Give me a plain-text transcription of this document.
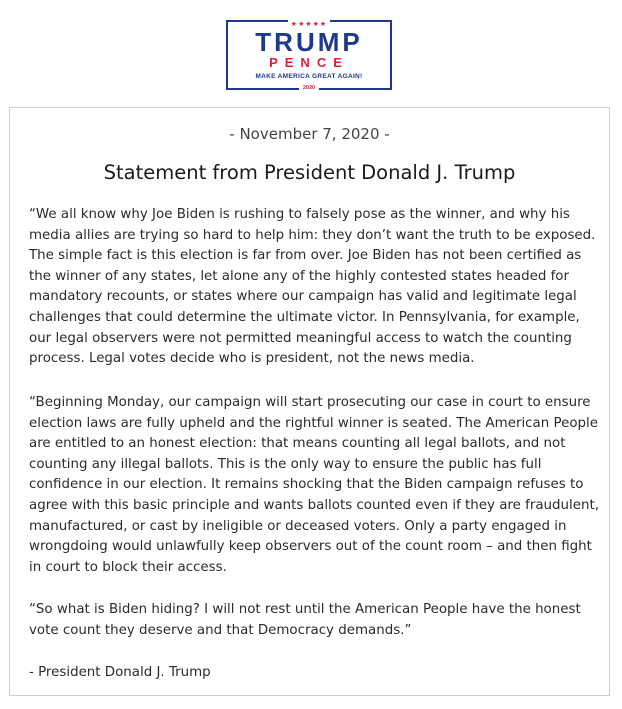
★★★★★
TRUMP
PENCE
MAKE AMERICA GREAT AGAIN!
2020
- November 7, 2020 -
Statement from President Donald J. Trump

“We all know why Joe Biden is rushing to falsely pose as the winner, and why his
media allies are trying so hard to help him: they don’t want the truth to be exposed.
The simple fact is this election is far from over. Joe Biden has not been certified as
the winner of any states, let alone any of the highly contested states headed for
mandatory recounts, or states where our campaign has valid and legitimate legal
challenges that could determine the ultimate victor. In Pennsylvania, for example,
our legal observers were not permitted meaningful access to watch the counting
process. Legal votes decide who is president, not the news media.

“Beginning Monday, our campaign will start prosecuting our case in court to ensure
election laws are fully upheld and the rightful winner is seated. The American People
are entitled to an honest election: that means counting all legal ballots, and not
counting any illegal ballots. This is the only way to ensure the public has full
confidence in our election. It remains shocking that the Biden campaign refuses to
agree with this basic principle and wants ballots counted even if they are fraudulent,
manufactured, or cast by ineligible or deceased voters. Only a party engaged in
wrongdoing would unlawfully keep observers out of the count room – and then fight
in court to block their access.

“So what is Biden hiding? I will not rest until the American People have the honest
vote count they deserve and that Democracy demands.”

- President Donald J. Trump
